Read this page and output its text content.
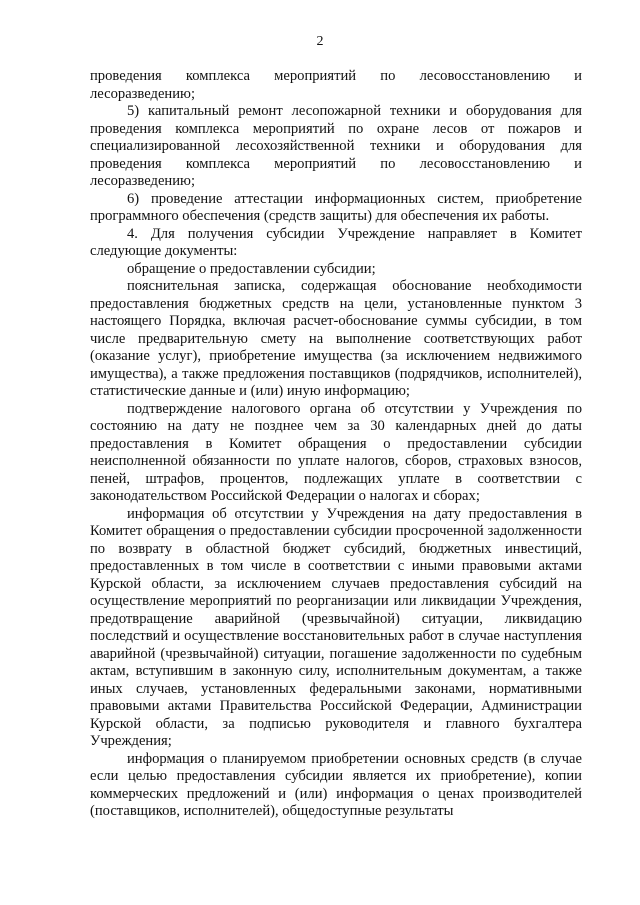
2

проведения комплекса мероприятий по лесовосстановлению и лесоразведению;

5) капитальный ремонт лесопожарной техники и оборудования для проведения комплекса мероприятий по охране лесов от пожаров и специализированной лесохозяйственной техники и оборудования для проведения комплекса мероприятий по лесовосстановлению и лесоразведению;

6) проведение аттестации информационных систем, приобретение программного обеспечения (средств защиты) для обеспечения их работы.

4. Для получения субсидии Учреждение направляет в Комитет следующие документы:

обращение о предоставлении субсидии;

пояснительная записка, содержащая обоснование необходимости предоставления бюджетных средств на цели, установленные пунктом 3 настоящего Порядка, включая расчет-обоснование суммы субсидии, в том числе предварительную смету на выполнение соответствующих работ (оказание услуг), приобретение имущества (за исключением недвижимого имущества), а также предложения поставщиков (подрядчиков, исполнителей), статистические данные и (или) иную информацию;

подтверждение налогового органа об отсутствии у Учреждения по состоянию на дату не позднее чем за 30 календарных дней до даты предоставления в Комитет обращения о предоставлении субсидии неисполненной обязанности по уплате налогов, сборов, страховых взносов, пеней, штрафов, процентов, подлежащих уплате в соответствии с законодательством Российской Федерации о налогах и сборах;

информация об отсутствии у Учреждения на дату предоставления в Комитет обращения о предоставлении субсидии просроченной задолженности по возврату в областной бюджет субсидий, бюджетных инвестиций, предоставленных в том числе в соответствии с иными правовыми актами Курской области, за исключением случаев предоставления субсидий на осуществление мероприятий по реорганизации или ликвидации Учреждения, предотвращение аварийной (чрезвычайной) ситуации, ликвидацию последствий и осуществление восстановительных работ в случае наступления аварийной (чрезвычайной) ситуации, погашение задолженности по судебным актам, вступившим в законную силу, исполнительным документам, а также иных случаев, установленных федеральными законами, нормативными правовыми актами Правительства Российской Федерации, Администрации Курской области, за подписью руководителя и главного бухгалтера Учреждения;

информация о планируемом приобретении основных средств (в случае если целью предоставления субсидии является их приобретение), копии коммерческих предложений и (или) информация о ценах производителей (поставщиков, исполнителей), общедоступные результаты
